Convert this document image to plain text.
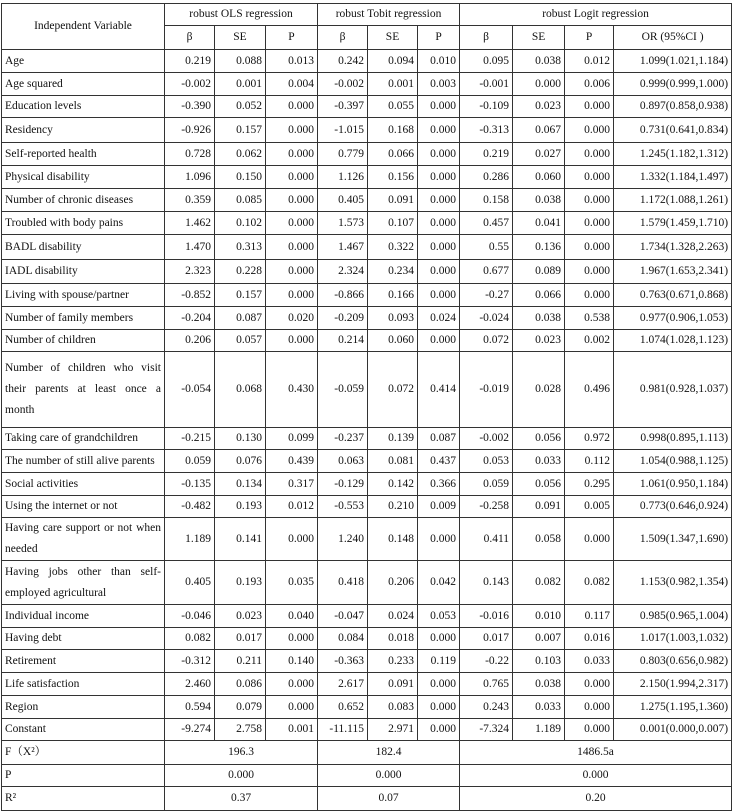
Independent Variable	robust OLS regression			robust Tobit regression			robust Logit regression			
	β	SE	P	β	SE	P	β	SE	P	OR (95%CI )
Age	0.219	0.088	0.013	0.242	0.094	0.010	0.095	0.038	0.012	1.099(1.021,1.184)
Age squared	-0.002	0.001	0.004	-0.002	0.001	0.003	-0.001	0.000	0.006	0.999(0.999,1.000)
Education levels	-0.390	0.052	0.000	-0.397	0.055	0.000	-0.109	0.023	0.000	0.897(0.858,0.938)
Residency	-0.926	0.157	0.000	-1.015	0.168	0.000	-0.313	0.067	0.000	0.731(0.641,0.834)
Self-reported health	0.728	0.062	0.000	0.779	0.066	0.000	0.219	0.027	0.000	1.245(1.182,1.312)
Physical disability	1.096	0.150	0.000	1.126	0.156	0.000	0.286	0.060	0.000	1.332(1.184,1.497)
Number of chronic diseases	0.359	0.085	0.000	0.405	0.091	0.000	0.158	0.038	0.000	1.172(1.088,1.261)
Troubled with body pains	1.462	0.102	0.000	1.573	0.107	0.000	0.457	0.041	0.000	1.579(1.459,1.710)
BADL disability	1.470	0.313	0.000	1.467	0.322	0.000	0.55	0.136	0.000	1.734(1.328,2.263)
IADL disability	2.323	0.228	0.000	2.324	0.234	0.000	0.677	0.089	0.000	1.967(1.653,2.341)
Living with spouse/partner	-0.852	0.157	0.000	-0.866	0.166	0.000	-0.27	0.066	0.000	0.763(0.671,0.868)
Number of family members	-0.204	0.087	0.020	-0.209	0.093	0.024	-0.024	0.038	0.538	0.977(0.906,1.053)
Number of children	0.206	0.057	0.000	0.214	0.060	0.000	0.072	0.023	0.002	1.074(1.028,1.123)
Number of children who visit their parents at least once a month	-0.054	0.068	0.430	-0.059	0.072	0.414	-0.019	0.028	0.496	0.981(0.928,1.037)
Taking care of grandchildren	-0.215	0.130	0.099	-0.237	0.139	0.087	-0.002	0.056	0.972	0.998(0.895,1.113)
The number of still alive parents	0.059	0.076	0.439	0.063	0.081	0.437	0.053	0.033	0.112	1.054(0.988,1.125)
Social activities	-0.135	0.134	0.317	-0.129	0.142	0.366	0.059	0.056	0.295	1.061(0.950,1.184)
Using the internet or not	-0.482	0.193	0.012	-0.553	0.210	0.009	-0.258	0.091	0.005	0.773(0.646,0.924)
Having care support or not when needed	1.189	0.141	0.000	1.240	0.148	0.000	0.411	0.058	0.000	1.509(1.347,1.690)
Having jobs other than self-employed agricultural	0.405	0.193	0.035	0.418	0.206	0.042	0.143	0.082	0.082	1.153(0.982,1.354)
Individual income	-0.046	0.023	0.040	-0.047	0.024	0.053	-0.016	0.010	0.117	0.985(0.965,1.004)
Having debt	0.082	0.017	0.000	0.084	0.018	0.000	0.017	0.007	0.016	1.017(1.003,1.032)
Retirement	-0.312	0.211	0.140	-0.363	0.233	0.119	-0.22	0.103	0.033	0.803(0.656,0.982)
Life satisfaction	2.460	0.086	0.000	2.617	0.091	0.000	0.765	0.038	0.000	2.150(1.994,2.317)
Region	0.594	0.079	0.000	0.652	0.083	0.000	0.243	0.033	0.000	1.275(1.195,1.360)
Constant	-9.274	2.758	0.001	-11.115	2.971	0.000	-7.324	1.189	0.000	0.001(0.000,0.007)
F（X²）	196.3			182.4			1486.5a			
P	0.000			0.000			0.000			
R²	0.37			0.07			0.20			
